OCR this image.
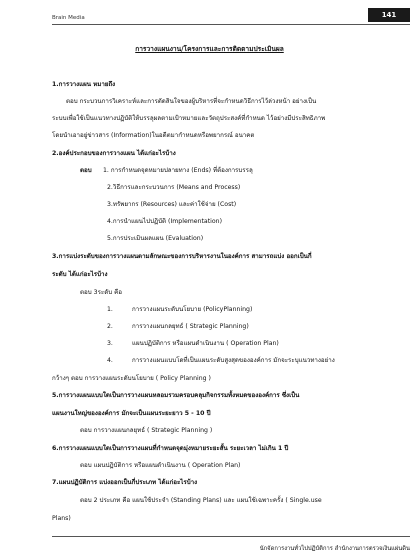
Brain Media	141
การวางแผนงาน/โครงการและการติดตามประเมินผล
1.การวางแผน หมายถึง
ตอบ กระบวนการวิเคราะห์และการตัดสินใจของผู้บริหารที่จะกำหนดวิธีการไว้ล่วงหน้า อย่างเป็น
ระบบเพื่อใช้เป็นแนวทางปฏิบัติให้บรรลุผลตามเป้าหมายและวัตถุประสงค์ที่กำหนด ไว้อย่างมีประสิทธิภาพ
โดยนำเอาอยู่ข่าวสาร (Information)ในอดีตมากำหนดหรือพยากรณ์ อนาคต
2.องค์ประกอบของการวางแผน ได้แก่อะไรบ้าง
ตอบ 1. การกำหนดจุดหมายปลายทาง (Ends) ที่ต้องการบรรลุ
2.วิธีการและกระบวนการ (Means and Process)
3.ทรัพยากร (Resources) และค่าใช้จ่าย (Cost)
4.การนำแผนไปปฏิบัติ (Implementation)
5.การประเมินผลแผน (Evaluation)
3.การแบ่งระดับของการวางแผนตามลักษณะของการบริหารงานในองค์การ สามารถแบ่ง ออกเป็นกี่
ระดับ ได้แก่อะไรบ้าง
ตอบ 3ระดับ คือ
1.	การวางแผนระดับนโยบาย (PolicyPlanning)
2.	การวางแผนกลยุทธ์ ( Strategic Planning)
3.	แผนปฏิบัติการ หรือแผนดำเนินงาน ( Operation Plan)
4.	การวางแผนแบบโดที่เป็นแผนระดับสูงสุดขององค์การ มักจะระบุแนวทางอย่าง
กว้างๆ ตอบ การวางแผนระดับนโยบาย ( Policy Planning )
5.การวางแผนแบบใดเป็นการวางแผนหลอมรวมครอบคลุมกิจกรรมทั้งหมดขององค์การ ซึ่งเป็น
แผนงานใหญ่ขององค์การ มักจะเป็นแผนระยะยาว 5 - 10 ปี
ตอบ การวางแผนกลยุทธ์ ( Strategic Planning )
6.การวางแผนแบบใดเป็นการวางแผนที่กำหนดจุดมุ่งหมายระยะสั้น ระยะเวลา ไม่เกิน 1 ปี
ตอบ แผนปฏิบัติการ หรือแผนดำเนินงาน ( Operation Plan)
7.แผนปฏิบัติการ แบ่งออกเป็นกี่ประเภท ได้แก่อะไรบ้าง
ตอบ 2 ประเภท คือ แผนใช้ประจำ (Standing Plans) และ แผนใช้เฉพาะครั้ง ( Single.use
Plans)
นักจัดการงานทั่วไปปฏิบัติการ สำนักงานการตรวจเงินแผ่นดิน
